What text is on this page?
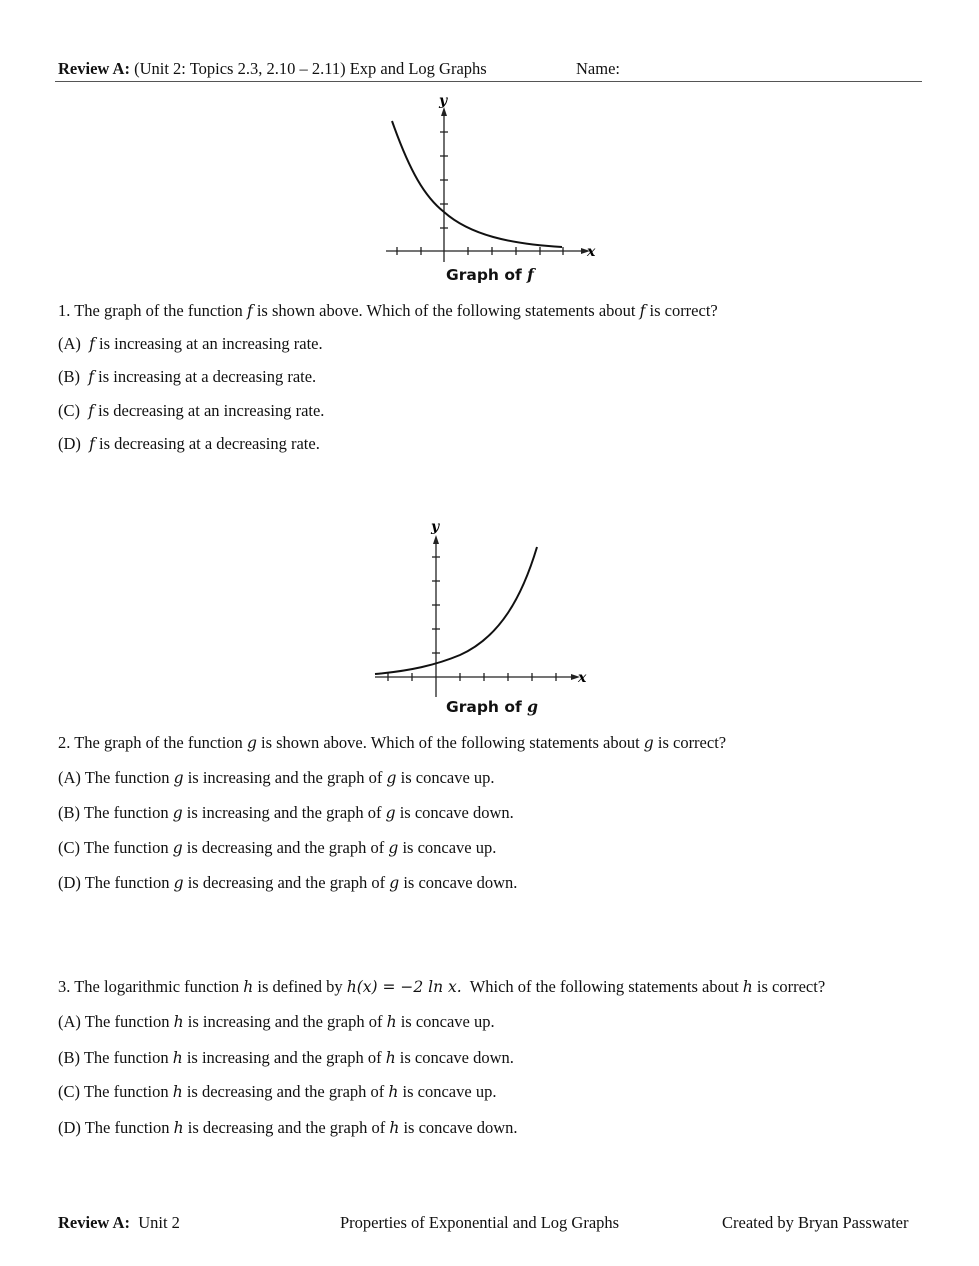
Review A: (Unit 2: Topics 2.3, 2.10 – 2.11) Exp and Log Graphs	Name:
x
y
Graph of f
1. The graph of the function f is shown above. Which of the following statements about f is correct?
(A) f is increasing at an increasing rate.
(B) f is increasing at a decreasing rate.
(C) f is decreasing at an increasing rate.
(D) f is decreasing at a decreasing rate.
x
y
Graph of g
2. The graph of the function g is shown above. Which of the following statements about g is correct?
(A) The function g is increasing and the graph of g is concave up.
(B) The function g is increasing and the graph of g is concave down.
(C) The function g is decreasing and the graph of g is concave up.
(D) The function g is decreasing and the graph of g is concave down.
3. The logarithmic function h is defined by h(x) = −2 ln x. Which of the following statements about h is correct?
(A) The function h is increasing and the graph of h is concave up.
(B) The function h is increasing and the graph of h is concave down.
(C) The function h is decreasing and the graph of h is concave up.
(D) The function h is decreasing and the graph of h is concave down.
Review A: Unit 2	Properties of Exponential and Log Graphs	Created by Bryan Passwater
